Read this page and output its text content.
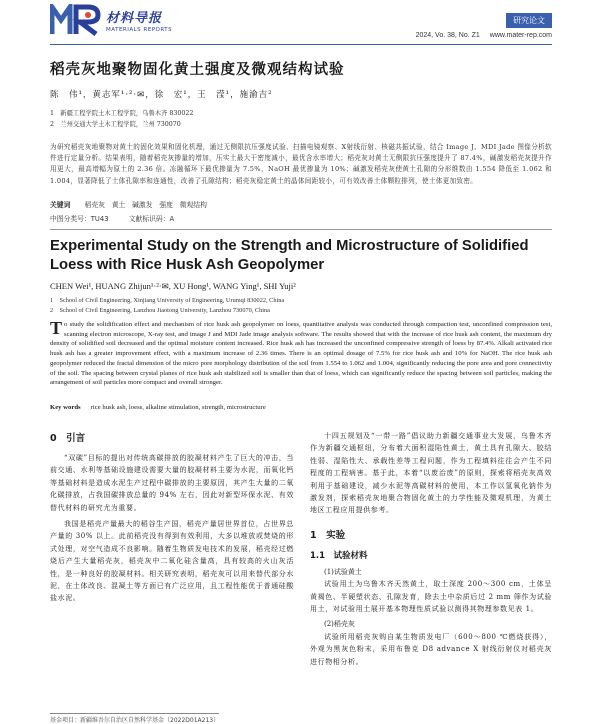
材料导报
MATERIALS REPORTS
研究论文
2024, Vo. 38, No. Z1 www.mater-rep.com
稻壳灰地聚物固化黄土强度及微观结构试验
陈　伟¹，黄志军¹·²·✉，徐　宏¹，王　滢¹，施渝吉²
1　新疆工程学院土木工程学院，乌鲁木齐 830022
2　兰州交通大学土木工程学院，兰州 730070
为研究稻壳灰地聚物对黄土的固化效果和固化机理，通过无侧限抗压强度试验、扫描电镜观察、X射线衍射、核磁共振试验，结合 Image J、MDI Jade 图像分析软件进行定量分析。结果表明，随着稻壳灰掺量的增加，压实土最大干密度减小，最优含水率增大；稻壳灰对黄土无侧限抗压强度提升了 87.4%，碱激发稻壳灰提升作用更大，最高增幅为原土的 2.36 倍。冻融循环下最优掺量为 7.5%，NaOH 最优掺量为 10%；碱激发稻壳灰使黄土孔隙的分形维数由 1.554 降低至 1.062 和 1.004，显著降低了土体孔隙率和连通性，改善了孔隙结构；稻壳灰稳定黄土的晶体间距较小，可有效改善土体颗粒排列，使土体更加致密。
关键词 稻壳灰　黄土　碱激发　强度　微观结构
中图分类号：TU43	文献标识码：A
Experimental Study on the Strength and Microstructure of Solidified Loess with Rice Husk Ash Geopolymer
CHEN Wei¹, HUANG Zhijun¹·²·✉, XU Hong¹, WANG Ying¹, SHI Yuji²
1　School of Civil Engineering, Xinjiang University of Engineering, Urumqi 830022, China
2　School of Civil Engineering, Lanzhou Jiaotong University, Lanzhou 730070, China
To study the solidification effect and mechanism of rice husk ash geopolymer on loess, quantitative analysis was conducted through compaction test, unconfined compression test, scanning electron microscope, X-ray test, and image J and MDI Jade image analysis software. The results showed that with the increase of rice husk ash content, the maximum dry density of solidified soil decreased and the optimal moisture content increased. Rice husk ash has increased the unconfined compressive strength of loess by 87.4%. Alkali activated rice husk ash has a greater improvement effect, with a maximum increase of 2.36 times. There is an optimal dosage of 7.5% for rice husk ash and 10% for NaOH. The rice husk ash geopolymer reduced the fractal dimension of the micro pore morphology distribution of the soil from 1.554 to 1.062 and 1.004, significantly reducing the pore area and pore connectivity of the soil. The spacing between crystal planes of rice husk ash stabilized soil is smaller than that of loess, which can significantly reduce the spacing between soil particles, making the arrangement of soil particles more compact and overall stronger.
Key words rice husk ash, loess, alkaline stimulation, strength, microstructure
0　引言

“双碳”目标的提出对传统高碳排放的胶凝材料产生了巨大的冲击，当前交通、水利等基础设施建设需要大量的胶凝材料主要为水泥，而氧化钙等基础材料是造成水泥生产过程中碳排放的主要原因，其产生大量的二氧化碳排放，占我国碳排放总量的 94% 左右，因此对新型环保水泥、有效替代材料的研究尤为重要。

我国是稻壳产量最大的稻谷生产国，稻壳产量居世界首位，占世界总产量的 30% 以上。此前稻壳没有得到有效利用，大多以堆放或焚烧的形式处理，对空气造成不良影响。随着生物质发电技术的发展，稻壳经过燃烧后产生大量稻壳灰，稻壳灰中二氧化硅含量高，具有较高的火山灰活性，是一种良好的胶凝材料。相关研究表明，稻壳灰可以用来替代部分水泥，在土体改良、混凝土等方面已有广泛应用，且工程性能优于普通硅酸盐水泥。

十四五规划及“一带一路”倡议助力新疆交通事业大发展，乌鲁木齐作为新疆交通枢纽，分布着大面积湿陷性黄土，黄土具有孔隙大、胶结性弱、湿陷性大、承载性差等工程问题，作为工程填料往往会产生不同程度的工程病害。基于此，本着“以废治废”的原则，探索将稻壳灰高效利用于基础建设，减少水泥等高碳材料的使用，本工作以氢氧化钠作为激发剂，探索稻壳灰地聚合物固化黄土的力学性能及微观机理，为黄土地区工程应用提供参考。

1　实验
1.1　试验材料
(1)试验黄土

试验用土为乌鲁木齐天然黄土，取土深度 200～300 cm，土体呈黄褐色、半硬塑状态、孔隙发育，除去土中杂质后过 2 mm 筛作为试验用土，对试验用土展开基本物理性质试验以测得其物理参数见表 1。

(2)稻壳灰

试验所用稻壳灰购自某生物质发电厂（600～800 ℃燃烧获得），外观为黑灰色粉末，采用布鲁克 D8 advance X 射线衍射仪对稻壳灰进行物相分析。

基金项目：新疆维吾尔自治区自然科学基金（2022D01A213）
